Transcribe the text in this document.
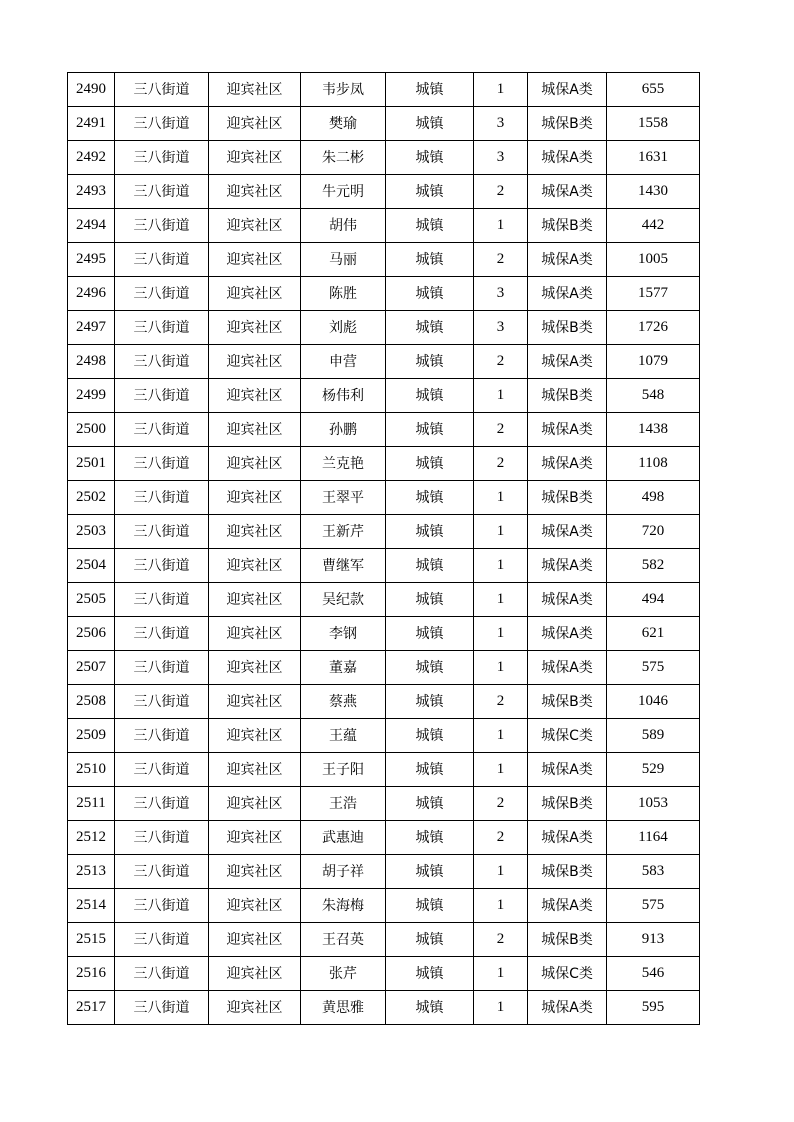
2490	三八街道	迎宾社区	韦步凤	城镇	1	城保A类	655
2491	三八街道	迎宾社区	樊瑜	城镇	3	城保B类	1558
2492	三八街道	迎宾社区	朱二彬	城镇	3	城保A类	1631
2493	三八街道	迎宾社区	牛元明	城镇	2	城保A类	1430
2494	三八街道	迎宾社区	胡伟	城镇	1	城保B类	442
2495	三八街道	迎宾社区	马丽	城镇	2	城保A类	1005
2496	三八街道	迎宾社区	陈胜	城镇	3	城保A类	1577
2497	三八街道	迎宾社区	刘彪	城镇	3	城保B类	1726
2498	三八街道	迎宾社区	申营	城镇	2	城保A类	1079
2499	三八街道	迎宾社区	杨伟利	城镇	1	城保B类	548
2500	三八街道	迎宾社区	孙鹏	城镇	2	城保A类	1438
2501	三八街道	迎宾社区	兰克艳	城镇	2	城保A类	1108
2502	三八街道	迎宾社区	王翠平	城镇	1	城保B类	498
2503	三八街道	迎宾社区	王新芹	城镇	1	城保A类	720
2504	三八街道	迎宾社区	曹继军	城镇	1	城保A类	582
2505	三八街道	迎宾社区	吴纪款	城镇	1	城保A类	494
2506	三八街道	迎宾社区	李钢	城镇	1	城保A类	621
2507	三八街道	迎宾社区	董嘉	城镇	1	城保A类	575
2508	三八街道	迎宾社区	蔡燕	城镇	2	城保B类	1046
2509	三八街道	迎宾社区	王蕴	城镇	1	城保C类	589
2510	三八街道	迎宾社区	王子阳	城镇	1	城保A类	529
2511	三八街道	迎宾社区	王浩	城镇	2	城保B类	1053
2512	三八街道	迎宾社区	武惠迪	城镇	2	城保A类	1164
2513	三八街道	迎宾社区	胡子祥	城镇	1	城保B类	583
2514	三八街道	迎宾社区	朱海梅	城镇	1	城保A类	575
2515	三八街道	迎宾社区	王召英	城镇	2	城保B类	913
2516	三八街道	迎宾社区	张芹	城镇	1	城保C类	546
2517	三八街道	迎宾社区	黄思雅	城镇	1	城保A类	595
